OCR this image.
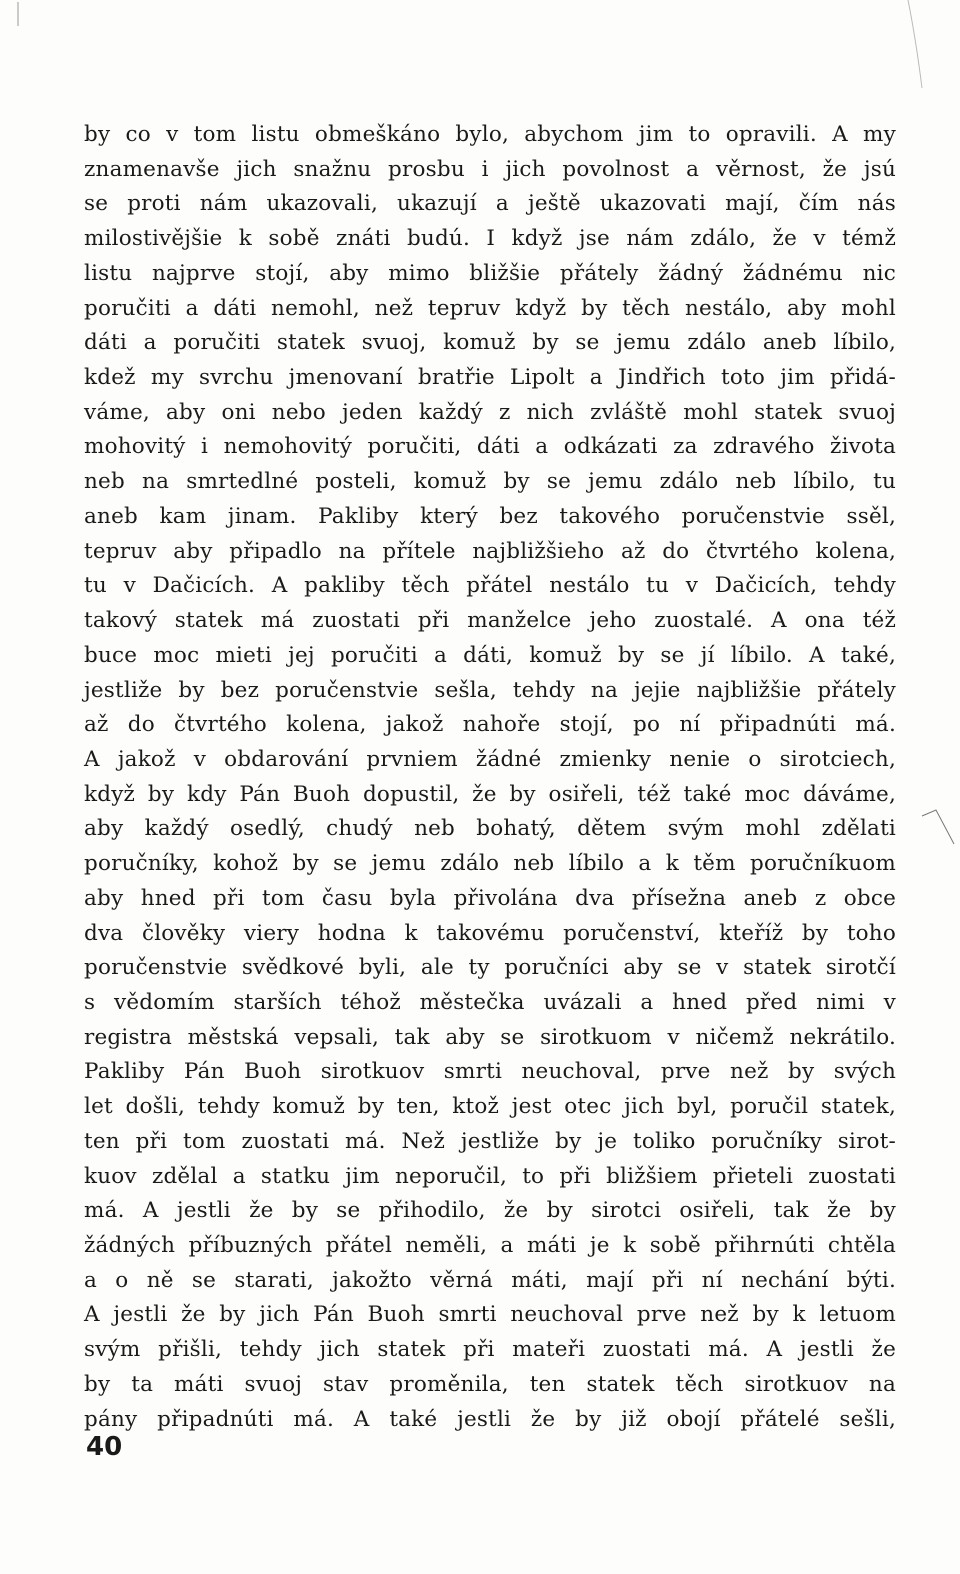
by co v tom listu obmeškáno bylo, abychom jim to opravili. A my
znamenavše jich snažnu prosbu i jich povolnost a věrnost, že jsú
se proti nám ukazovali, ukazují a ještě ukazovati mají, čím nás
milostivějšie k sobě znáti budú. I když jse nám zdálo, že v témž
listu najprve stojí, aby mimo bližšie přátely žádný žádnému nic
poručiti a dáti nemohl, než tepruv když by těch nestálo, aby mohl
dáti a poručiti statek svuoj, komuž by se jemu zdálo aneb líbilo,
kdež my svrchu jmenovaní bratřie Lipolt a Jindřich toto jim přidá-
váme, aby oni nebo jeden každý z nich zvláště mohl statek svuoj
mohovitý i nemohovitý poručiti, dáti a odkázati za zdravého života
neb na smrtedlné posteli, komuž by se jemu zdálo neb líbilo, tu
aneb kam jinam. Pakliby který bez takového poručenstvie ssěl,
tepruv aby připadlo na přítele najbližšieho až do čtvrtého kolena,
tu v Dačicích. A pakliby těch přátel nestálo tu v Dačicích, tehdy
takový statek má zuostati při manželce jeho zuostalé. A ona též
buce moc mieti jej poručiti a dáti, komuž by se jí líbilo. A také,
jestliže by bez poručenstvie sešla, tehdy na jejie najbližšie přátely
až do čtvrtého kolena, jakož nahoře stojí, po ní připadnúti má.
A jakož v obdarování prvniem žádné zmienky nenie o sirotciech,
když by kdy Pán Buoh dopustil, že by osiřeli, též také moc dáváme,
aby každý osedlý, chudý neb bohatý, dětem svým mohl zdělati
poručníky, kohož by se jemu zdálo neb líbilo a k těm poručníkuom
aby hned při tom času byla přivolána dva přísežna aneb z obce
dva člověky viery hodna k takovému poručenství, kteříž by toho
poručenstvie svědkové byli, ale ty poručníci aby se v statek sirotčí
s vědomím starších téhož městečka uvázali a hned před nimi v
registra městská vepsali, tak aby se sirotkuom v ničemž nekrátilo.
Pakliby Pán Buoh sirotkuov smrti neuchoval, prve než by svých
let došli, tehdy komuž by ten, ktož jest otec jich byl, poručil statek,
ten při tom zuostati má. Než jestliže by je toliko poručníky sirot-
kuov zdělal a statku jim neporučil, to při bližšiem přieteli zuostati
má. A jestli že by se přihodilo, že by sirotci osiřeli, tak že by
žádných příbuzných přátel neměli, a máti je k sobě přihrnúti chtěla
a o ně se starati, jakožto věrná máti, mají při ní nechání býti.
A jestli že by jich Pán Buoh smrti neuchoval prve než by k letuom
svým přišli, tehdy jich statek při mateři zuostati má. A jestli že
by ta máti svuoj stav proměnila, ten statek těch sirotkuov na
pány připadnúti má. A také jestli že by již obojí přátelé sešli,
40
